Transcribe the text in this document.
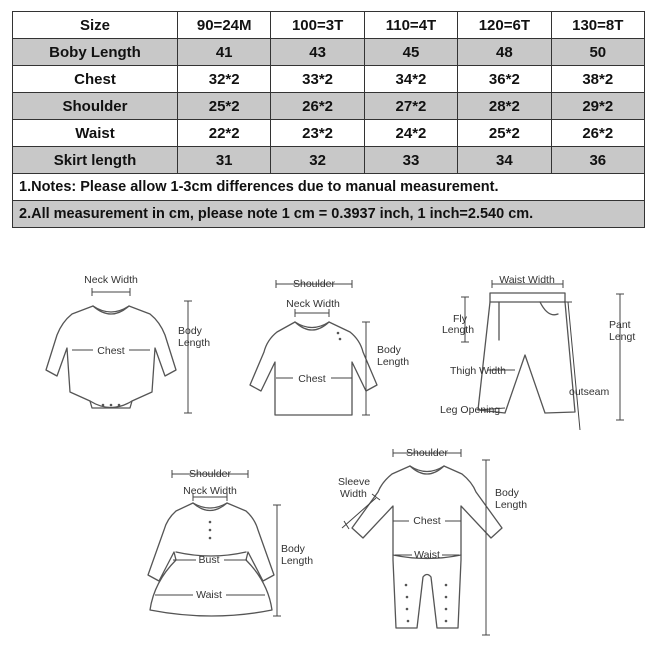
Size	90=24M	100=3T	110=4T	120=6T	130=8T
Boby Length	41	43	45	48	50
Chest	32*2	33*2	34*2	36*2	38*2
Shoulder	25*2	26*2	27*2	28*2	29*2
Waist	22*2	23*2	24*2	25*2	26*2
Skirt length	31	32	33	34	36
1.Notes: Please allow 1-3cm differences due to manual measurement.					
2.All measurement in cm, please note 1 cm = 0.3937 inch, 1 inch=2.540 cm.					
Neck Width
Chest
Body
Length
Shoulder
Neck Width
Chest
Body
Length
Waist Width
Fly
Length
Thigh Width
Leg Opening
outseam
Pant
Lengt
Shoulder
Neck Width
Bust
Waist
Body
Length
Shoulder
Sleeve
Width
Chest
Waist
Body
Length
